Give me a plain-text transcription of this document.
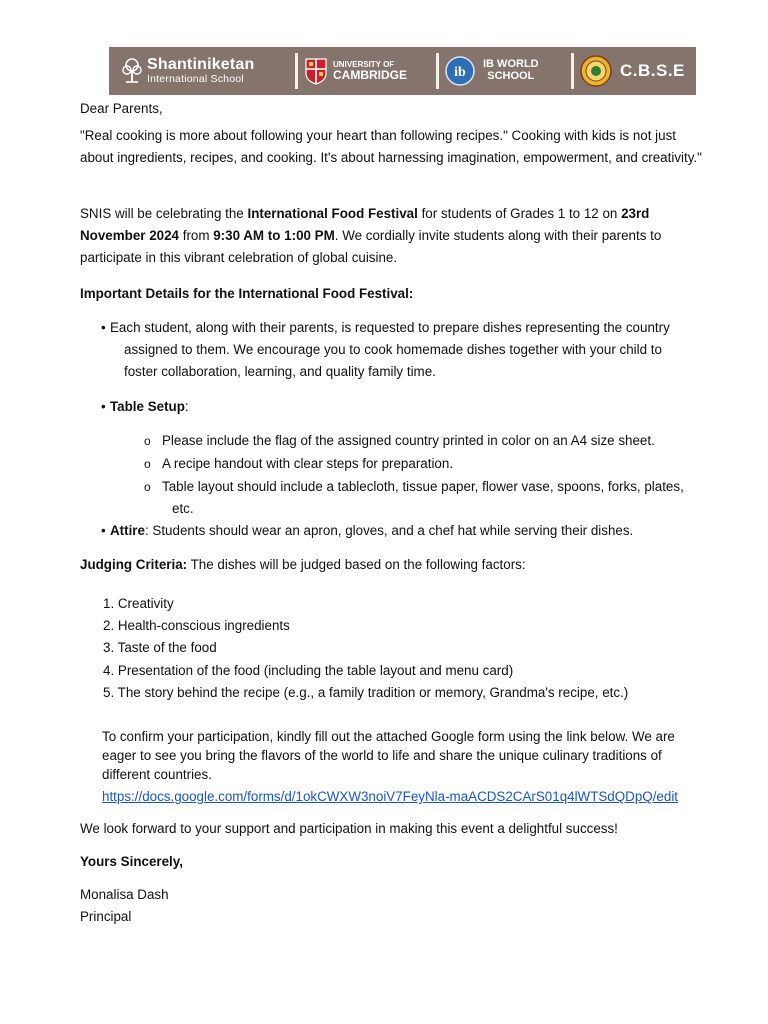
Shantiniketan
International School
UNIVERSITY OF
CAMBRIDGE	ib
IB WORLD
SCHOOL	C.B.S.E

Dear Parents,

"Real cooking is more about following your heart than following recipes." Cooking with kids is not just about ingredients, recipes, and cooking. It's about harnessing imagination, empowerment, and creativity."

SNIS will be celebrating the International Food Festival for students of Grades 1 to 12 on 23rd November 2024 from 9:30 AM to 1:00 PM. We cordially invite students along with their parents to participate in this vibrant celebration of global cuisine.

Important Details for the International Food Festival:

• Each student, along with their parents, is requested to prepare dishes representing the country

assigned to them. We encourage you to cook homemade dishes together with your child to

foster collaboration, learning, and quality family time.

• Table Setup:

o Please include the flag of the assigned country printed in color on an A4 size sheet.

o A recipe handout with clear steps for preparation.

o Table layout should include a tablecloth, tissue paper, flower vase, spoons, forks, plates,

etc.

• Attire: Students should wear an apron, gloves, and a chef hat while serving their dishes.

Judging Criteria: The dishes will be judged based on the following factors:

1. Creativity

2. Health-conscious ingredients

3. Taste of the food

4. Presentation of the food (including the table layout and menu card)

5. The story behind the recipe (e.g., a family tradition or memory, Grandma's recipe, etc.)

To confirm your participation, kindly fill out the attached Google form using the link below. We are

eager to see you bring the flavors of the world to life and share the unique culinary traditions of

different countries.

https://docs.google.com/forms/d/1okCWXW3noiV7FeyNla-maACDS2CArS01q4lWTSdQDpQ/edit

We look forward to your support and participation in making this event a delightful success!

Yours Sincerely,

Monalisa Dash

Principal
